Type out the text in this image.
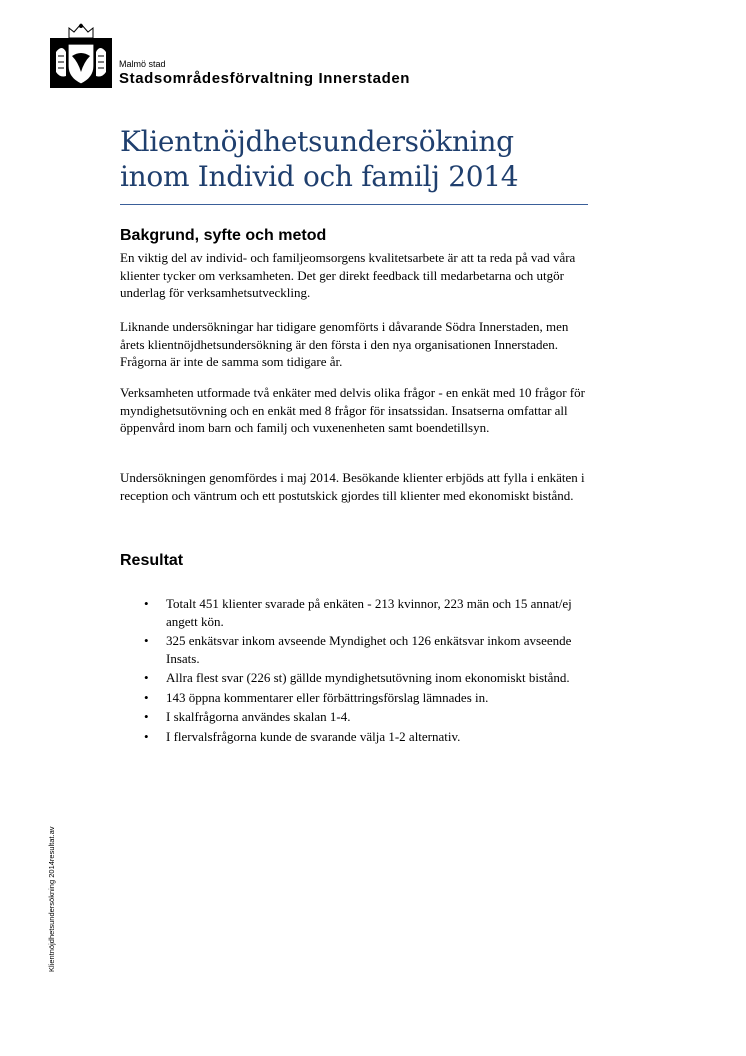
Malmö stad
Stadsområdesförvaltning Innerstaden
Klientnöjdhetsundersökning inom Individ och familj 2014
Bakgrund, syfte och metod

En viktig del av individ- och familjeomsorgens kvalitetsarbete är att ta reda på vad våra klienter tycker om verksamheten. Det ger direkt feedback till medarbetarna och utgör underlag för verksamhetsutveckling.

Liknande undersökningar har tidigare genomförts i dåvarande Södra Innerstaden, men årets klientnöjdhetsundersökning är den första i den nya organisationen Innerstaden. Frågorna är inte de samma som tidigare år.

Verksamheten utformade två enkäter med delvis olika frågor - en enkät med 10 frågor för myndighetsutövning och en enkät med 8 frågor för insatssidan. Insatserna omfattar all öppenvård inom barn och familj och vuxenenheten samt boendetillsyn.

Undersökningen genomfördes i maj 2014. Besökande klienter erbjöds att fylla i enkäten i reception och väntrum och ett postutskick gjordes till klienter med ekonomiskt bistånd.

Resultat
• Totalt 451 klienter svarade på enkäten - 213 kvinnor, 223 män och 15 annat/ej angett kön.
• 325 enkätsvar inkom avseende Myndighet och 126 enkätsvar inkom avseende Insats.
• Allra flest svar (226 st) gällde myndighetsutövning inom ekonomiskt bistånd.
• 143 öppna kommentarer eller förbättringsförslag lämnades in.
• I skalfrågorna användes skalan 1-4.
• I flervalsfrågorna kunde de svarande välja 1-2 alternativ.
Klientnöjdhetsundersökning 2014resultat.av
